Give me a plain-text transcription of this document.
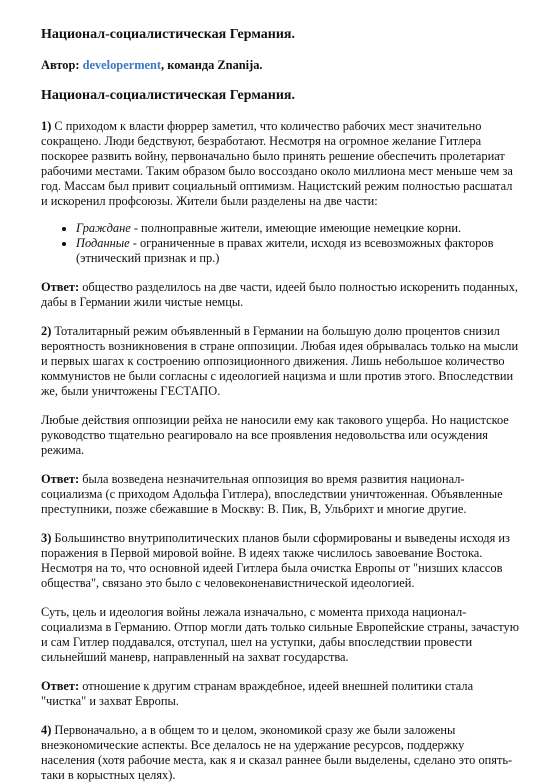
Национал-социалистическая Германия.
Автор: developerment, команда Znanija.
Национал-социалистическая Германия.

1) С приходом к власти фюррер заметил, что количество рабочих мест значительно сокращено. Люди бедствуют, безработают. Несмотря на огромное желание Гитлера поскорее развить войну, первоначально было принять решение обеспечить пролетариат рабочими местами. Таким образом было воссоздано около миллиона мест меньше чем за год. Массам был привит социальный оптимизм. Нацистский режим полностью расшатал и искоренил профсоюзы. Жители были разделены на две части:

• Граждане - полноправные жители, имеющие имеющие немецкие корни.
• Поданные - ограниченные в правах жители, исходя из всевозможных факторов (этнический признак и пр.)

Ответ: общество разделилось на две части, идеей было полностью искоренить поданных, дабы в Германии жили чистые немцы.

2) Тоталитарный режим объявленный в Германии на большую долю процентов снизил вероятность возникновения в стране оппозиции. Любая идея обрывалась только на мысли и первых шагах к состроению оппозиционного движения. Лишь небольшое количество коммунистов не были согласны с идеологией нацизма и шли против этого. Впоследствии же, были уничтожены ГЕСТАПО.

Любые действия оппозиции рейха не наносили ему как такового ущерба. Но нацистское руководство тщательно реагировало на все проявления недовольства или осуждения режима.

Ответ: была возведена незначительная оппозиция во время развития национал-социализма (с приходом Адольфа Гитлера), впоследствии уничтоженная. Объявленные преступники, позже сбежавшие в Москву: В. Пик, В, Ульбрихт и многие другие.

3) Большинство внутриполитических планов были сформированы и выведены исходя из поражения в Первой мировой войне. В идеях также числилось завоевание Востока. Несмотря на то, что основной идеей Гитлера была очистка Европы от "низших классов общества", связано это было с человеконенавистнической идеологией.

Суть, цель и идеология войны лежала изначально, с момента прихода национал-социализма в Германию. Отпор могли дать только сильные Европейские страны, зачастую и сам Гитлер поддавался, отступал, шел на уступки, дабы впоследствии провести сильнейший маневр, направленный на захват государства.

Ответ: отношение к другим странам враждебное, идеей внешней политики стала "чистка" и захват Европы.

4) Первоначально, а в общем то и целом, экономикой сразу же были заложены внеэкономические аспекты. Все делалось не на удержание ресурсов, поддержку населения (хотя рабочие места, как я и сказал раннее были выделены, сделано это опять-таки в корыстных целях).
